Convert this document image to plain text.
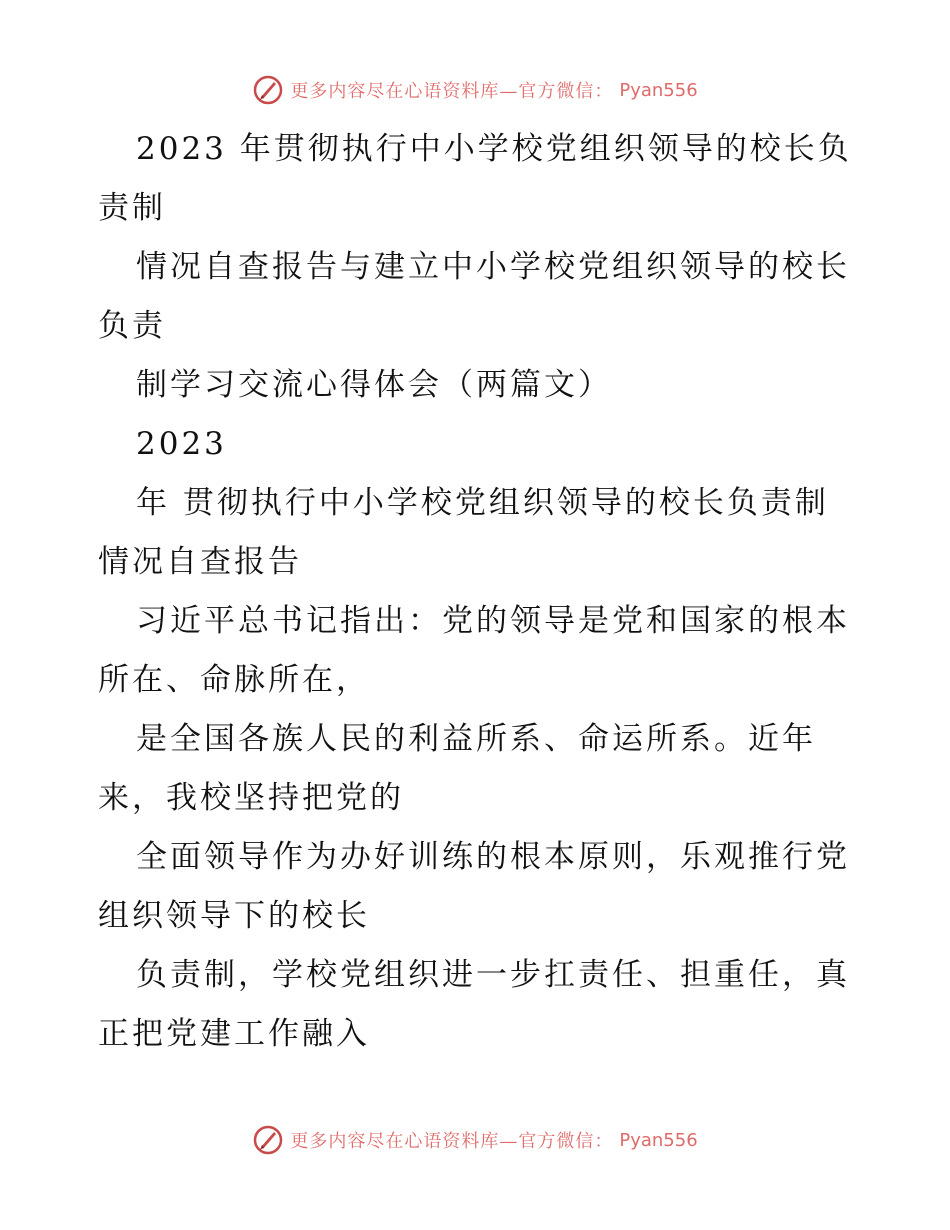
更多内容尽在心语资料库—官方微信： Pyan556

2023 年贯彻执行中小学校党组织领导的校长负责制

情况自查报告与建立中小学校党组织领导的校长负责

制学习交流心得体会（两篇文）

2023

年 贯彻执行中小学校党组织领导的校长负责制情况自查报告

习近平总书记指出：党的领导是党和国家的根本所在、命脉所在，

是全国各族人民的利益所系、命运所系。近年来，我校坚持把党的

全面领导作为办好训练的根本原则，乐观推行党组织领导下的校长

负责制，学校党组织进一步扛责任、担重任，真正把党建工作融入

更多内容尽在心语资料库—官方微信： Pyan556
